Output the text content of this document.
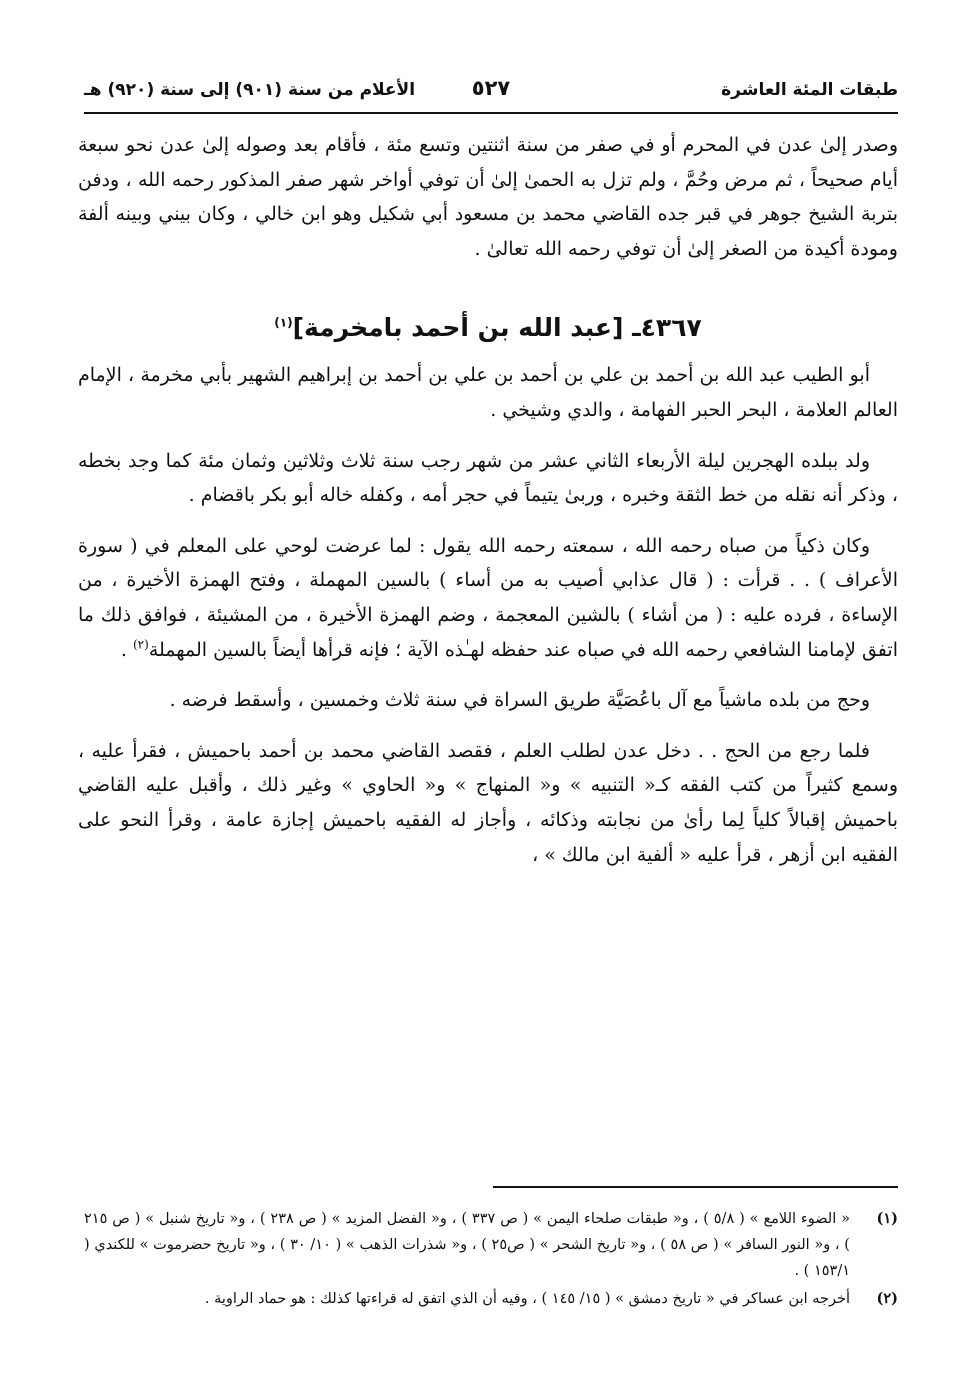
طبقات المئة العاشرة
٥٢٧
الأعلام من سنة (٩٠١) إلى سنة (٩٢٠) هـ

وصدر إلىٰ عدن في المحرم أو في صفر من سنة اثنتين وتسع مئة ، فأقام بعد وصوله إلىٰ عدن نحو سبعة أيام صحيحاً ، ثم مرض وحُمَّ ، ولم تزل به الحمىٰ إلىٰ أن توفي أواخر شهر صفر المذكور رحمه الله ، ودفن بتربة الشيخ جوهر في قبر جده القاضي محمد بن مسعود أبي شكيل وهو ابن خالي ، وكان بيني وبينه ألفة ومودة أكيدة من الصغر إلىٰ أن توفي رحمه الله تعالىٰ .

٤٣٦٧ـ [عبد الله بن أحمد بامخرمة]$^{(١)}$

أبو الطيب عبد الله بن أحمد بن علي بن أحمد بن علي بن أحمد بن إبراهيم الشهير بأبي مخرمة ، الإمام العالم العلامة ، البحر الحبر الفهامة ، والدي وشيخي .

ولد ببلده الهجرين ليلة الأربعاء الثاني عشر من شهر رجب سنة ثلاث وثلاثين وثمان مئة كما وجد بخطه ، وذكر أنه نقله من خط الثقة وخبره ، وربىٰ يتيماً في حجر أمه ، وكفله خاله أبو بكر باقضام .

وكان ذكياً من صباه رحمه الله ، سمعته رحمه الله يقول : لما عرضت لوحي على المعلم في ( سورة الأعراف ) . . قرأت : ( قال عذابي أصيب به من أساء ) بالسين المهملة ، وفتح الهمزة الأخيرة ، من الإساءة ، فرده عليه : ( من أشاء ) بالشين المعجمة ، وضم الهمزة الأخيرة ، من المشيئة ، فوافق ذلك ما اتفق لإمامنا الشافعي رحمه الله في صباه عند حفظه لهـٰذه الآية ؛ فإنه قرأها أيضاً بالسين المهملة$^{(٢)}$ .

وحج من بلده ماشياً مع آل باعُصَيَّة طريق السراة في سنة ثلاث وخمسين ، وأسقط فرضه .

فلما رجع من الحج . . دخل عدن لطلب العلم ، فقصد القاضي محمد بن أحمد باحميش ، فقرأ عليه ، وسمع كثيراً من كتب الفقه كـ« التنبيه » و« المنهاج » و« الحاوي » وغير ذلك ، وأقبل عليه القاضي باحميش إقبالاً كلياً لِما رأىٰ من نجابته وذكائه ، وأجاز له الفقيه باحميش إجازة عامة ، وقرأ النحو على الفقيه ابن أزهر ، قرأ عليه « ألفية ابن مالك » ،

(١)
« الضوء اللامع » ( ٥/٨ ) ، و« طبقات صلحاء اليمن » ( ص ٣٣٧ ) ، و« الفضل المزيد » ( ص ٢٣٨ ) ، و« تاريخ شنبل » ( ص ٢١٥ ) ، و« النور السافر » ( ص ٥٨ ) ، و« تاريخ الشحر » ( ص٢٥ ) ، و« شذرات الذهب » ( ١٠/ ٣٠ ) ، و« تاريخ حضرموت » للكندي ( ١٥٣/١ ) .
(٢)
أخرجه ابن عساكر في « تاريخ دمشق » ( ١٥/ ١٤٥ ) ، وفيه أن الذي اتفق له قراءتها كذلك : هو حماد الراوية .
